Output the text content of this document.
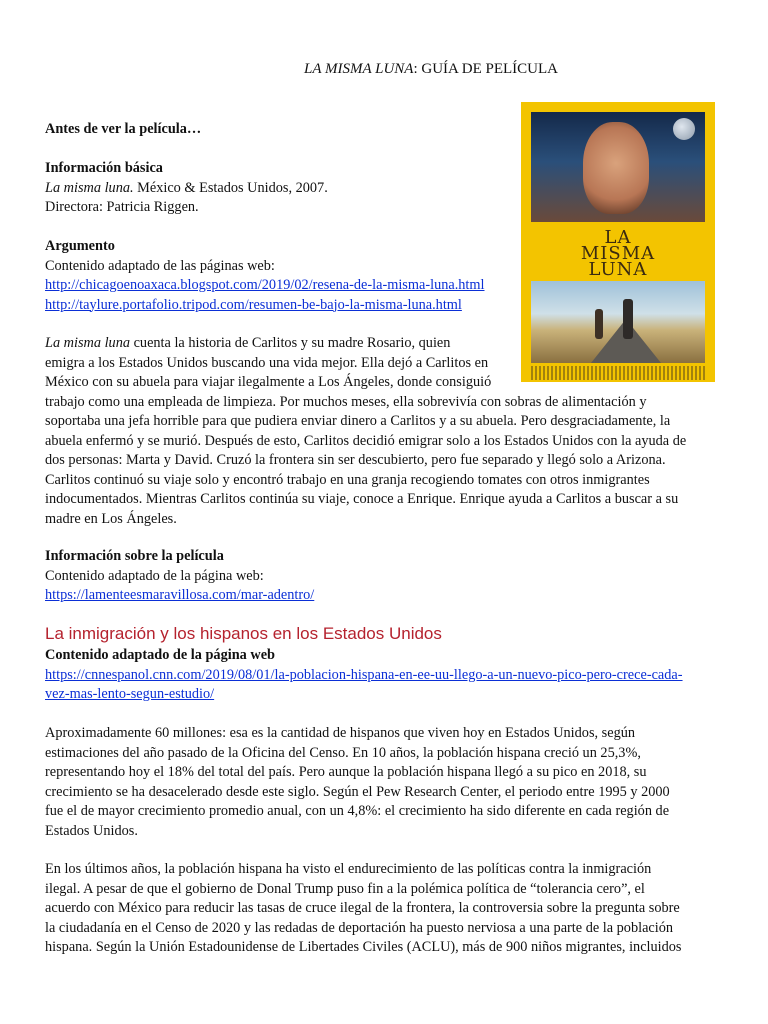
LA MISMA LUNA: GUÍA DE PELÍCULA
Antes de ver la película…
Información básica
La misma luna. México & Estados Unidos, 2007.
Directora: Patricia Riggen.
Argumento
Contenido adaptado de las páginas web:
http://chicagoenoaxaca.blogspot.com/2019/02/resena-de-la-misma-luna.html
http://taylure.portafolio.tripod.com/resumen-be-bajo-la-misma-luna.html

La misma luna cuenta la historia de Carlitos y su madre Rosario, quien

emigra a los Estados Unidos buscando una vida mejor. Ella dejó a Carlitos en

México con su abuela para viajar ilegalmente a Los Ángeles, donde consiguió

trabajo como una empleada de limpieza. Por muchos meses, ella sobrevivía con sobras de alimentación y

soportaba una jefa horrible para que pudiera enviar dinero a Carlitos y a su abuela. Pero desgraciadamente, la

abuela enfermó y se murió. Después de esto, Carlitos decidió emigrar solo a los Estados Unidos con la ayuda de

dos personas: Marta y David. Cruzó la frontera sin ser descubierto, pero fue separado y llegó solo a Arizona.

Carlitos continuó su viaje solo y encontró trabajo en una granja recogiendo tomates con otros inmigrantes

indocumentados. Mientras Carlitos continúa su viaje, conoce a Enrique. Enrique ayuda a Carlitos a buscar a su

madre en Los Ángeles.

Información sobre la película
Contenido adaptado de la página web:
https://lamenteesmaravillosa.com/mar-adentro/
LA
MISMA
LUNA
La inmigración y los hispanos en los Estados Unidos
Contenido adaptado de la página web
https://cnnespanol.cnn.com/2019/08/01/la-poblacion-hispana-en-ee-uu-llego-a-un-nuevo-pico-pero-crece-cada-
vez-mas-lento-segun-estudio/

Aproximadamente 60 millones: esa es la cantidad de hispanos que viven hoy en Estados Unidos, según

estimaciones del año pasado de la Oficina del Censo. En 10 años, la población hispana creció un 25,3%,

representando hoy el 18% del total del país. Pero aunque la población hispana llegó a su pico en 2018, su

crecimiento se ha desacelerado desde este siglo. Según el Pew Research Center, el periodo entre 1995 y 2000

fue el de mayor crecimiento promedio anual, con un 4,8%: el crecimiento ha sido diferente en cada región de

Estados Unidos.

En los últimos años, la población hispana ha visto el endurecimiento de las políticas contra la inmigración

ilegal. A pesar de que el gobierno de Donal Trump puso fin a la polémica política de “tolerancia cero”, el

acuerdo con México para reducir las tasas de cruce ilegal de la frontera, la controversia sobre la pregunta sobre

la ciudadanía en el Censo de 2020 y las redadas de deportación ha puesto nerviosa a una parte de la población

hispana. Según la Unión Estadounidense de Libertades Civiles (ACLU), más de 900 niños migrantes, incluidos
